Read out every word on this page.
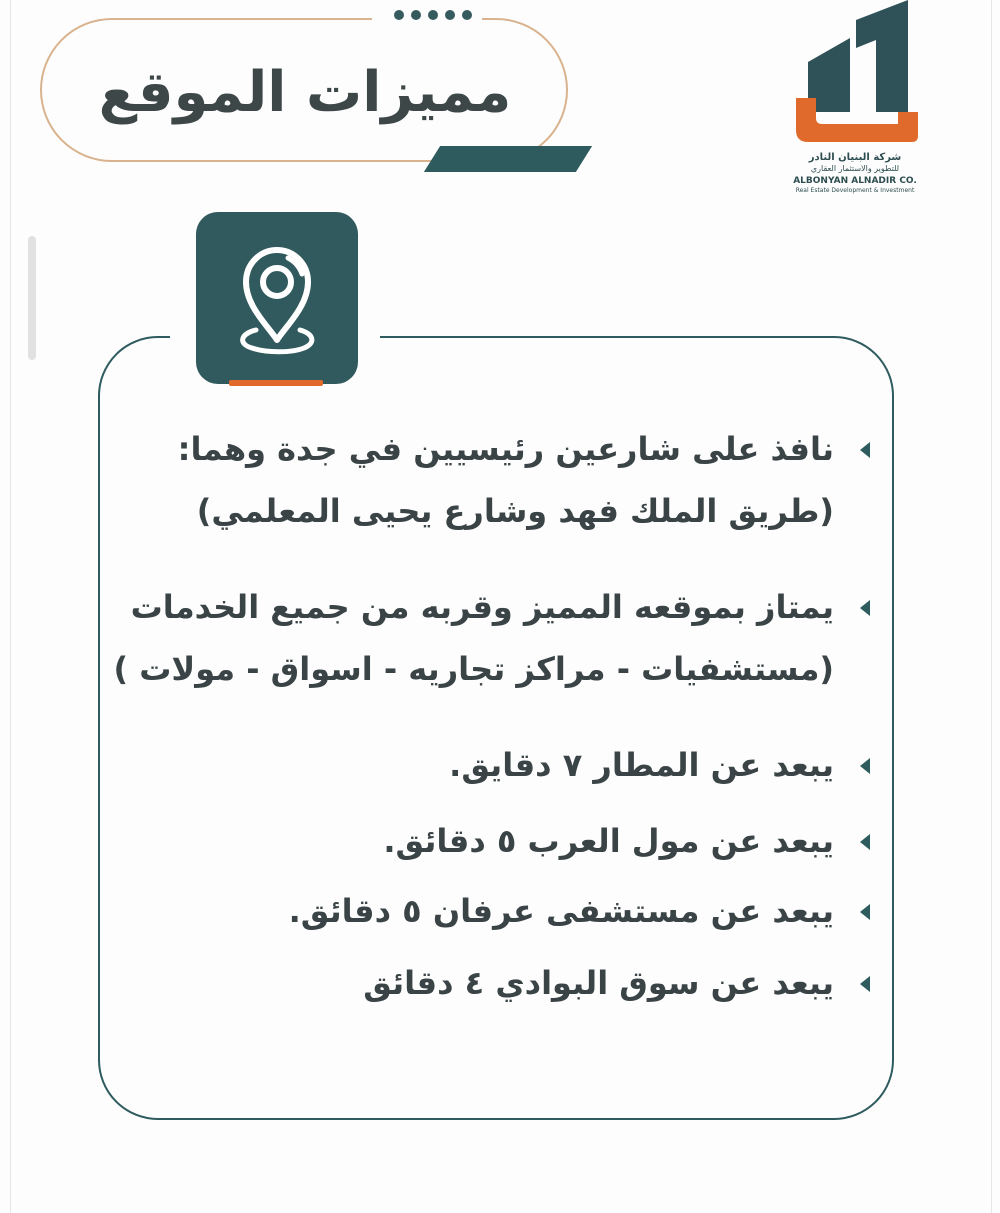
مميزات الموقع
شركة البنيان النادر
للتطوير والاستثمار العقاري
ALBONYAN ALNADIR CO.
Real Estate Development & Investment
نافذ على شارعين رئيسيين في جدة وهما:
(طريق الملك فهد وشارع يحيى المعلمي)
يمتاز بموقعه المميز وقربه من جميع الخدمات
(مستشفيات - مراكز تجاريه - اسواق - مولات )
يبعد عن المطار ٧ دقايق.
يبعد عن مول العرب ٥ دقائق.
يبعد عن مستشفى عرفان ٥ دقائق.
يبعد عن سوق البوادي ٤ دقائق
